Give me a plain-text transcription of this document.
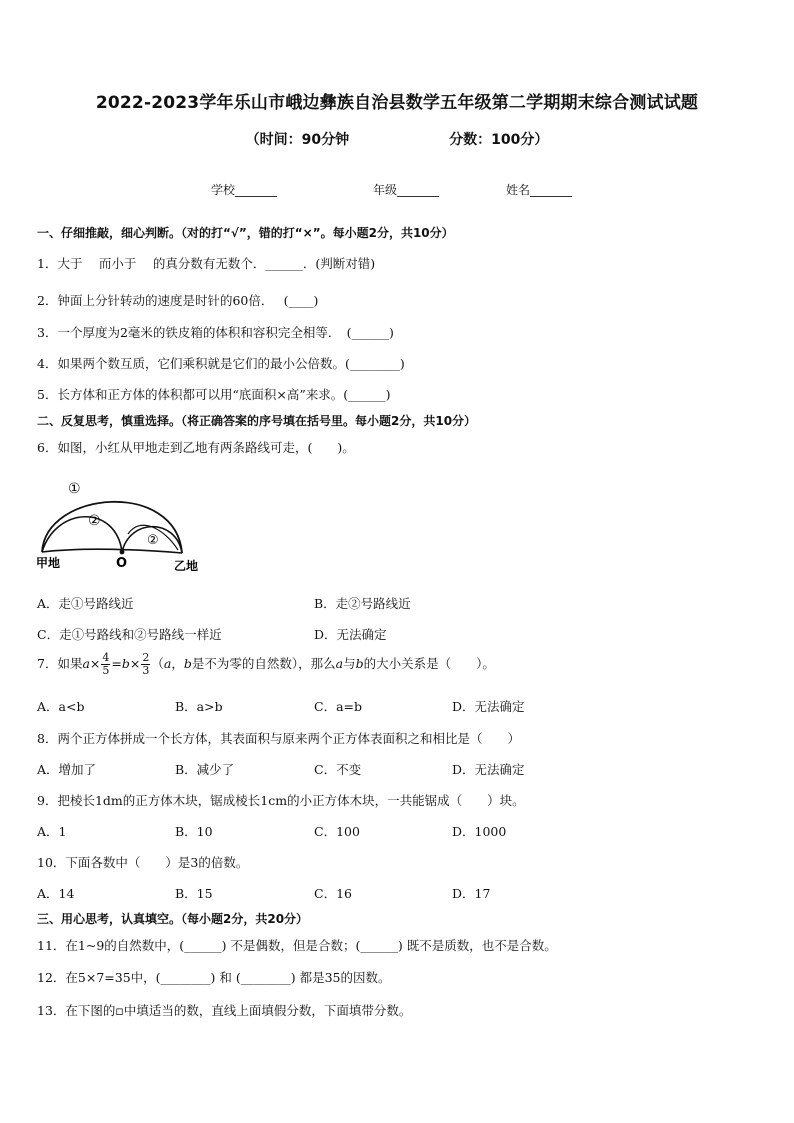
2022-2023学年乐山市峨边彝族自治县数学五年级第二学期期末综合测试试题
（时间：90分钟	分数：100分）
学校_______	年级_______	姓名_______
一、仔细推敲，细心判断。（对的打“√”，错的打“×”。每小题2分，共10分）
1．大于　 而小于　 的真分数有无数个．______．(判断对错)
2．钟面上分针转动的速度是时针的60倍．　 (____)
3．一个厚度为2毫米的铁皮箱的体积和容积完全相等．　(______)
4．如果两个数互质，它们乘积就是它们的最小公倍数。(________)
5．长方体和正方体的体积都可以用“底面积×高”来求。(______)
二、反复思考，慎重选择。（将正确答案的序号填在括号里。每小题2分，共10分）
6．如图，小红从甲地走到乙地有两条路线可走，(　　)。
①
②
②
甲地	O	乙地
A．走①号路线近	B．走②号路线近
C．走①号路线和②号路线一样近	D．无法确定
7．如果$a\times \frac{4}{5} =b\times \frac{2}{3} (a$，b是不为零的自然数），那么a与b的大小关系是（　　）。
A．a<b	B．a>b	C．a=b	D．无法确定
8．两个正方体拼成一个长方体，其表面积与原来两个正方体表面积之和相比是（　　）
A．增加了	B．减少了	C．不变	D．无法确定
9．把棱长1dm的正方体木块，锯成棱长1cm的小正方体木块，一共能锯成（　　）块。
A．1	B．10	C．100	D．1000
10．下面各数中（　　）是3的倍数。
A．14	B．15	C．16	D．17
三、用心思考，认真填空。（每小题2分，共20分）
11．在1~9的自然数中，(______) 不是偶数，但是合数；(______) 既不是质数，也不是合数。
12．在5×7=35中，(________) 和 (________) 都是35的因数。
13．在下图的▫中填适当的数，直线上面填假分数，下面填带分数。
